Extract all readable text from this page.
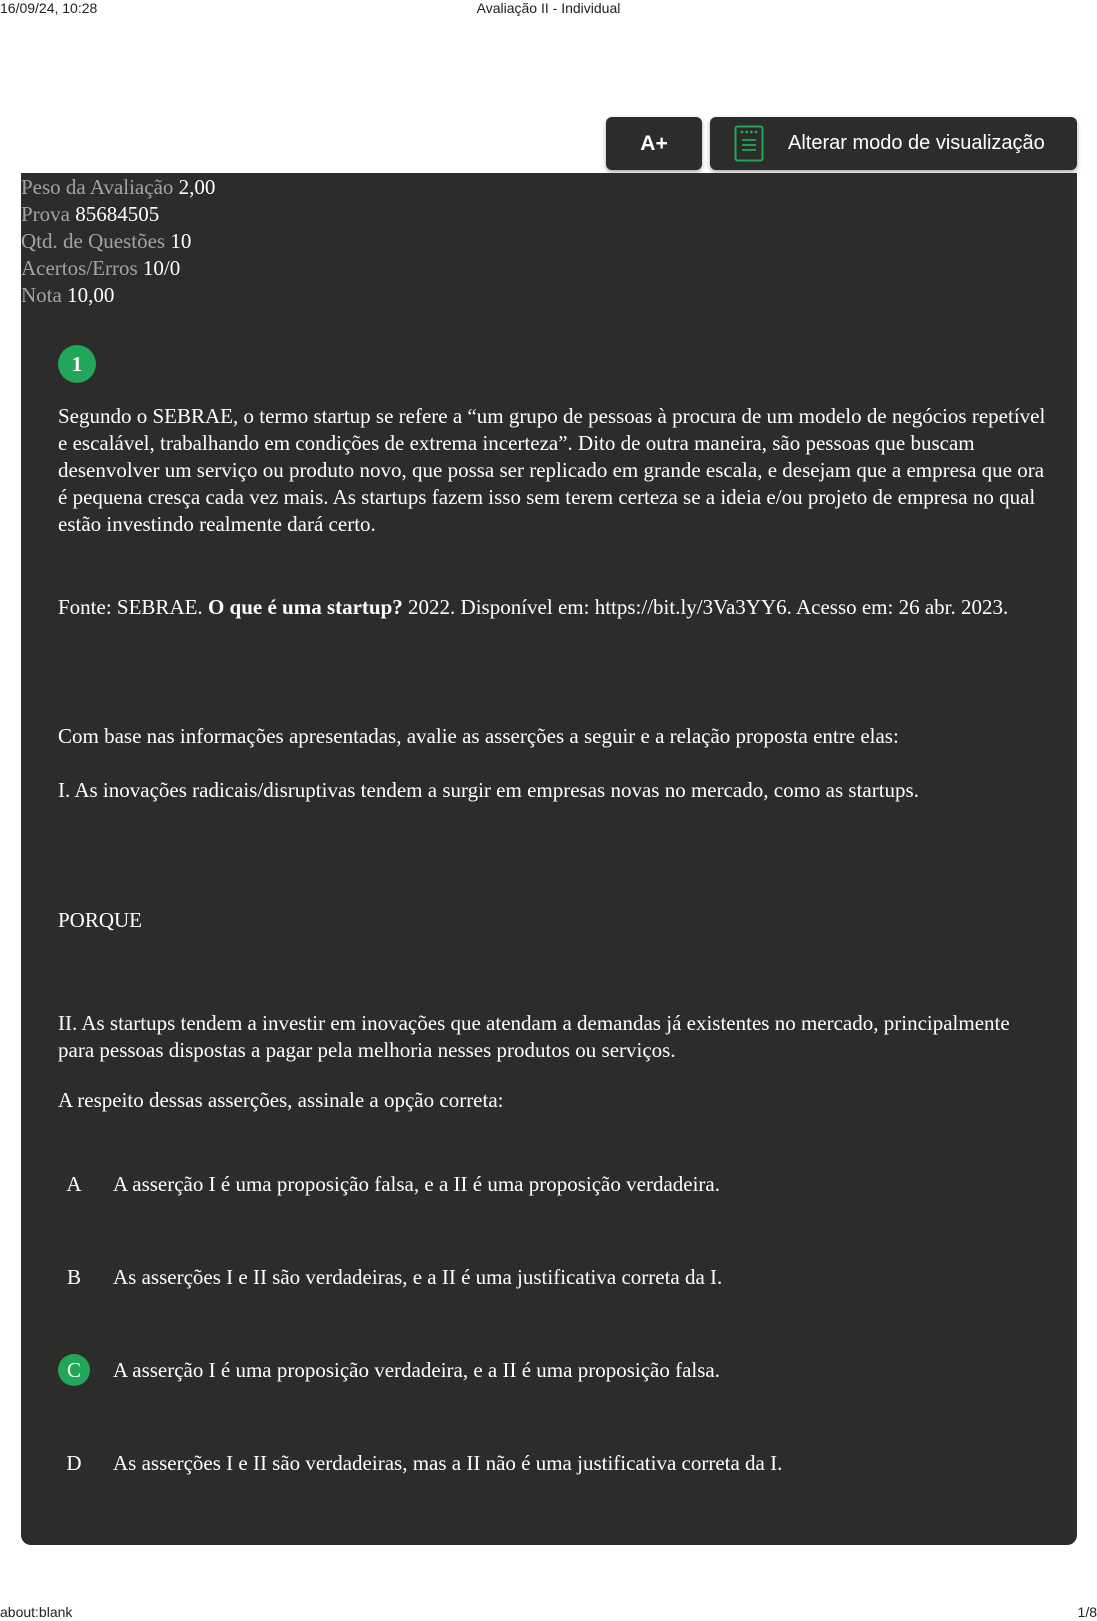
16/09/24, 10:28	Avaliação II - Individual
A+	Alterar modo de visualização
Peso da Avaliação 2,00
Prova 85684505
Qtd. de Questões 10
Acertos/Erros 10/0
Nota 10,00
1
Segundo o SEBRAE, o termo startup se refere a “um grupo de pessoas à procura de um modelo de negócios repetível e escalável, trabalhando em condições de extrema incerteza”. Dito de outra maneira, são pessoas que buscam desenvolver um serviço ou produto novo, que possa ser replicado em grande escala, e desejam que a empresa que ora é pequena cresça cada vez mais. As startups fazem isso sem terem certeza se a ideia e/ou projeto de empresa no qual estão investindo realmente dará certo.
Fonte: SEBRAE. O que é uma startup? 2022. Disponível em: https://bit.ly/3Va3YY6. Acesso em: 26 abr. 2023.
Com base nas informações apresentadas, avalie as asserções a seguir e a relação proposta entre elas:
I. As inovações radicais/disruptivas tendem a surgir em empresas novas no mercado, como as startups.
PORQUE
II. As startups tendem a investir em inovações que atendam a demandas já existentes no mercado, principalmente para pessoas dispostas a pagar pela melhoria nesses produtos ou serviços.
A respeito dessas asserções, assinale a opção correta:
A	A asserção I é uma proposição falsa, e a II é uma proposição verdadeira.
B	As asserções I e II são verdadeiras, e a II é uma justificativa correta da I.
C	A asserção I é uma proposição verdadeira, e a II é uma proposição falsa.
D	As asserções I e II são verdadeiras, mas a II não é uma justificativa correta da I.
about:blank	1/8
